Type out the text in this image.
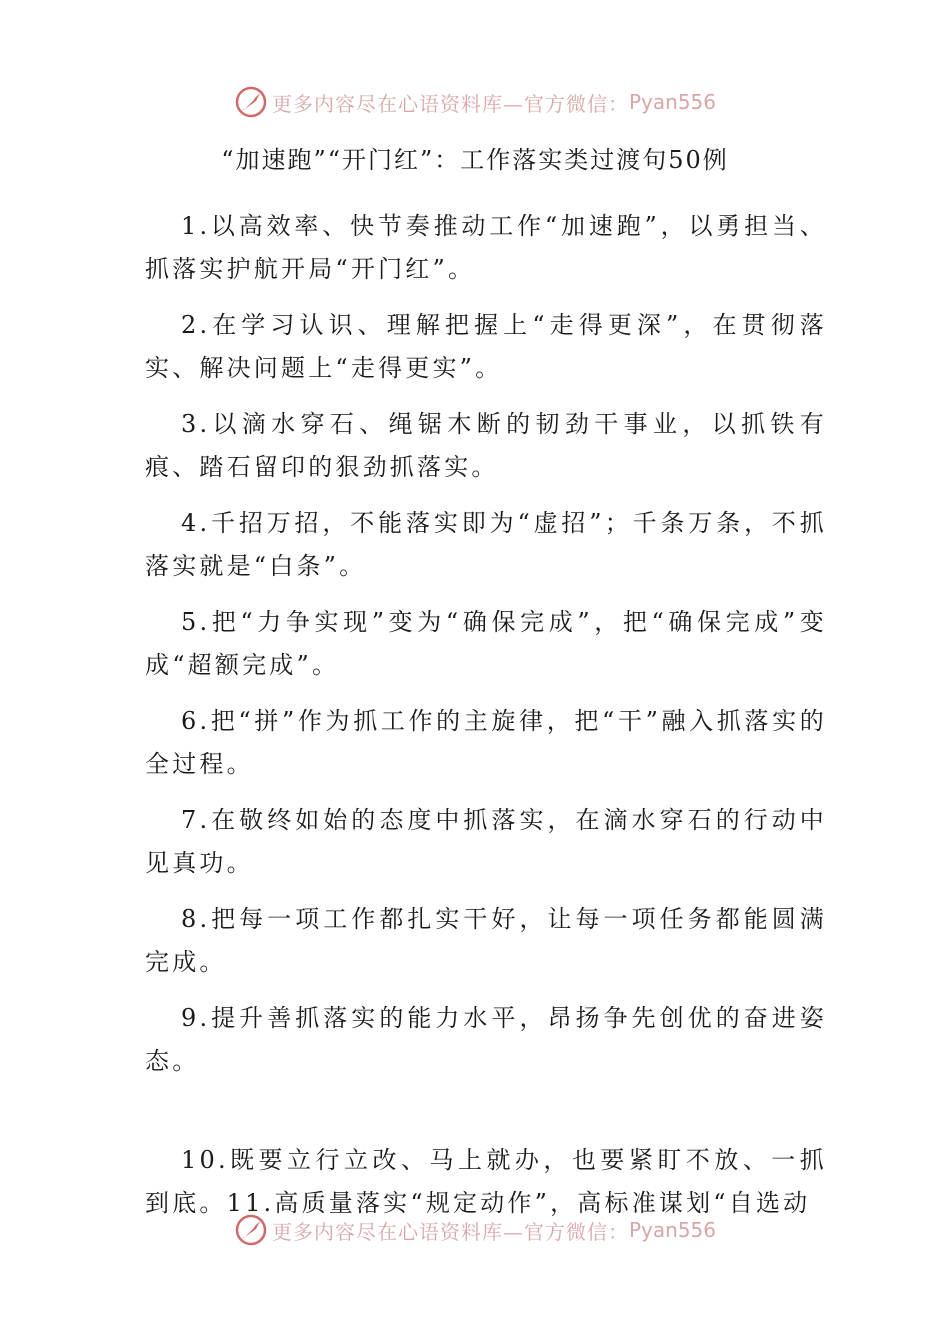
更多内容尽在心语资料库—官方微信： Pyan556
“加速跑”“开门红”：工作落实类过渡句50例

1.以高效率、快节奏推动工作“加速跑”，以勇担当、抓落实护航开局“开门红”。

2.在学习认识、理解把握上“走得更深”，在贯彻落实、解决问题上“走得更实”。

3.以滴水穿石、绳锯木断的韧劲干事业，以抓铁有痕、踏石留印的狠劲抓落实。

4.千招万招，不能落实即为“虚招”；千条万条，不抓落实就是“白条”。

5.把“力争实现”变为“确保完成”，把“确保完成”变成“超额完成”。

6.把“拼”作为抓工作的主旋律，把“干”融入抓落实的全过程。

7.在敬终如始的态度中抓落实，在滴水穿石的行动中见真功。

8.把每一项工作都扎实干好，让每一项任务都能圆满完成。

9.提升善抓落实的能力水平，昂扬争先创优的奋进姿态。

10.既要立行立改、马上就办，也要紧盯不放、一抓到底。11.高质量落实“规定动作”，高标准谋划“自选动

更多内容尽在心语资料库—官方微信： Pyan556
